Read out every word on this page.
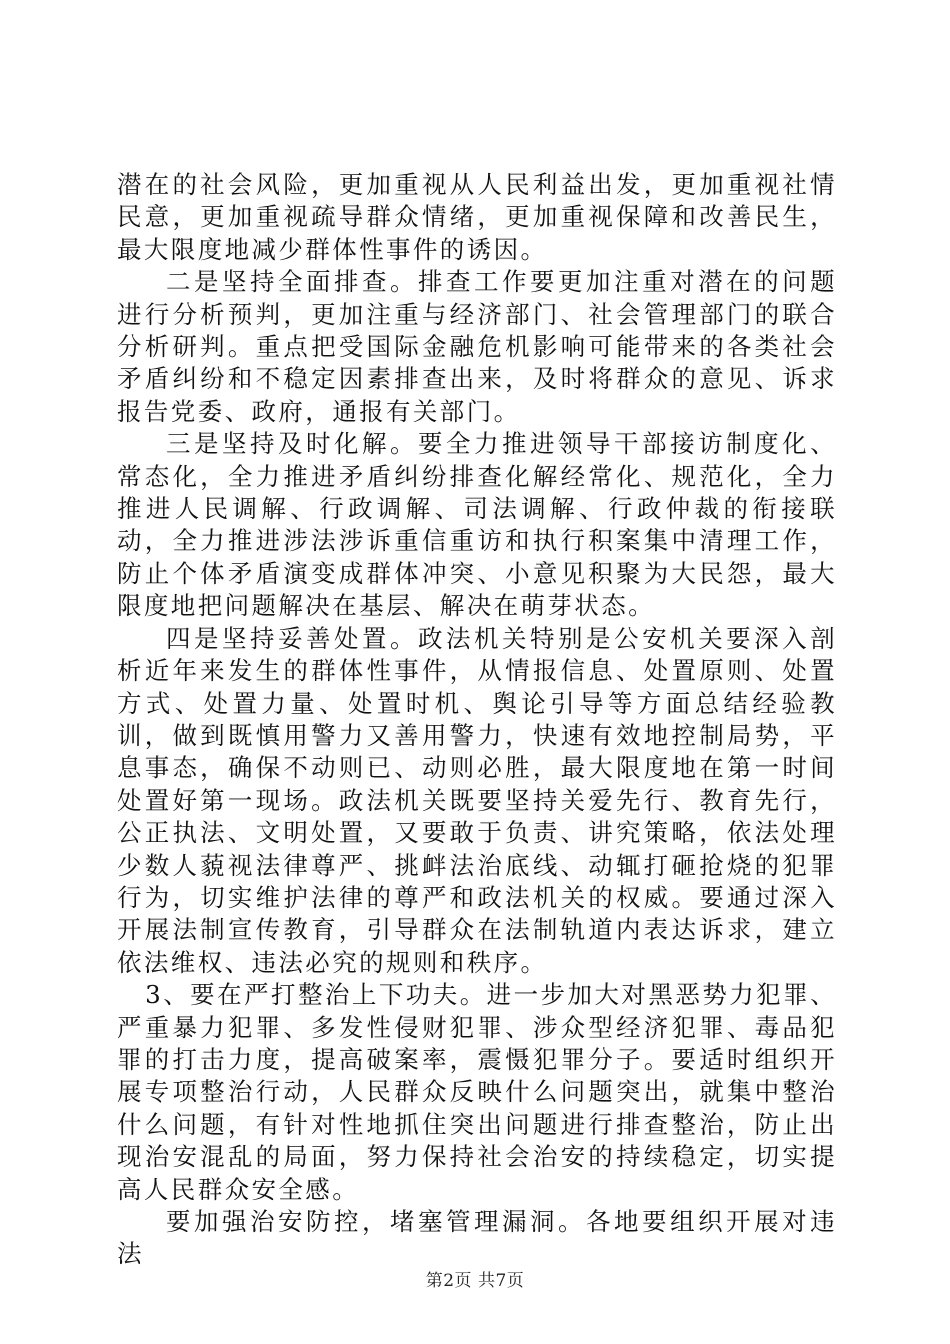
潜在的社会风险，更加重视从人民利益出发，更加重视社情民意，更加重视疏导群众情绪，更加重视保障和改善民生，最大限度地减少群体性事件的诱因。

二是坚持全面排查。排查工作要更加注重对潜在的问题进行分析预判，更加注重与经济部门、社会管理部门的联合分析研判。重点把受国际金融危机影响可能带来的各类社会矛盾纠纷和不稳定因素排查出来，及时将群众的意见、诉求报告党委、政府，通报有关部门。

三是坚持及时化解。要全力推进领导干部接访制度化、常态化，全力推进矛盾纠纷排查化解经常化、规范化，全力推进人民调解、行政调解、司法调解、行政仲裁的衔接联动，全力推进涉法涉诉重信重访和执行积案集中清理工作，防止个体矛盾演变成群体冲突、小意见积聚为大民怨，最大限度地把问题解决在基层、解决在萌芽状态。

四是坚持妥善处置。政法机关特别是公安机关要深入剖析近年来发生的群体性事件，从情报信息、处置原则、处置方式、处置力量、处置时机、舆论引导等方面总结经验教训，做到既慎用警力又善用警力，快速有效地控制局势，平息事态，确保不动则已、动则必胜，最大限度地在第一时间处置好第一现场。政法机关既要坚持关爱先行、教育先行，公正执法、文明处置，又要敢于负责、讲究策略，依法处理少数人藐视法律尊严、挑衅法治底线、动辄打砸抢烧的犯罪行为，切实维护法律的尊严和政法机关的权威。要通过深入开展法制宣传教育，引导群众在法制轨道内表达诉求，建立依法维权、违法必究的规则和秩序。

3、要在严打整治上下功夫。进一步加大对黑恶势力犯罪、严重暴力犯罪、多发性侵财犯罪、涉众型经济犯罪、毒品犯罪的打击力度，提高破案率，震慑犯罪分子。要适时组织开展专项整治行动，人民群众反映什么问题突出，就集中整治什么问题，有针对性地抓住突出问题进行排查整治，防止出现治安混乱的局面，努力保持社会治安的持续稳定，切实提高人民群众安全感。

要加强治安防控，堵塞管理漏洞。各地要组织开展对违法

第2页 共7页
